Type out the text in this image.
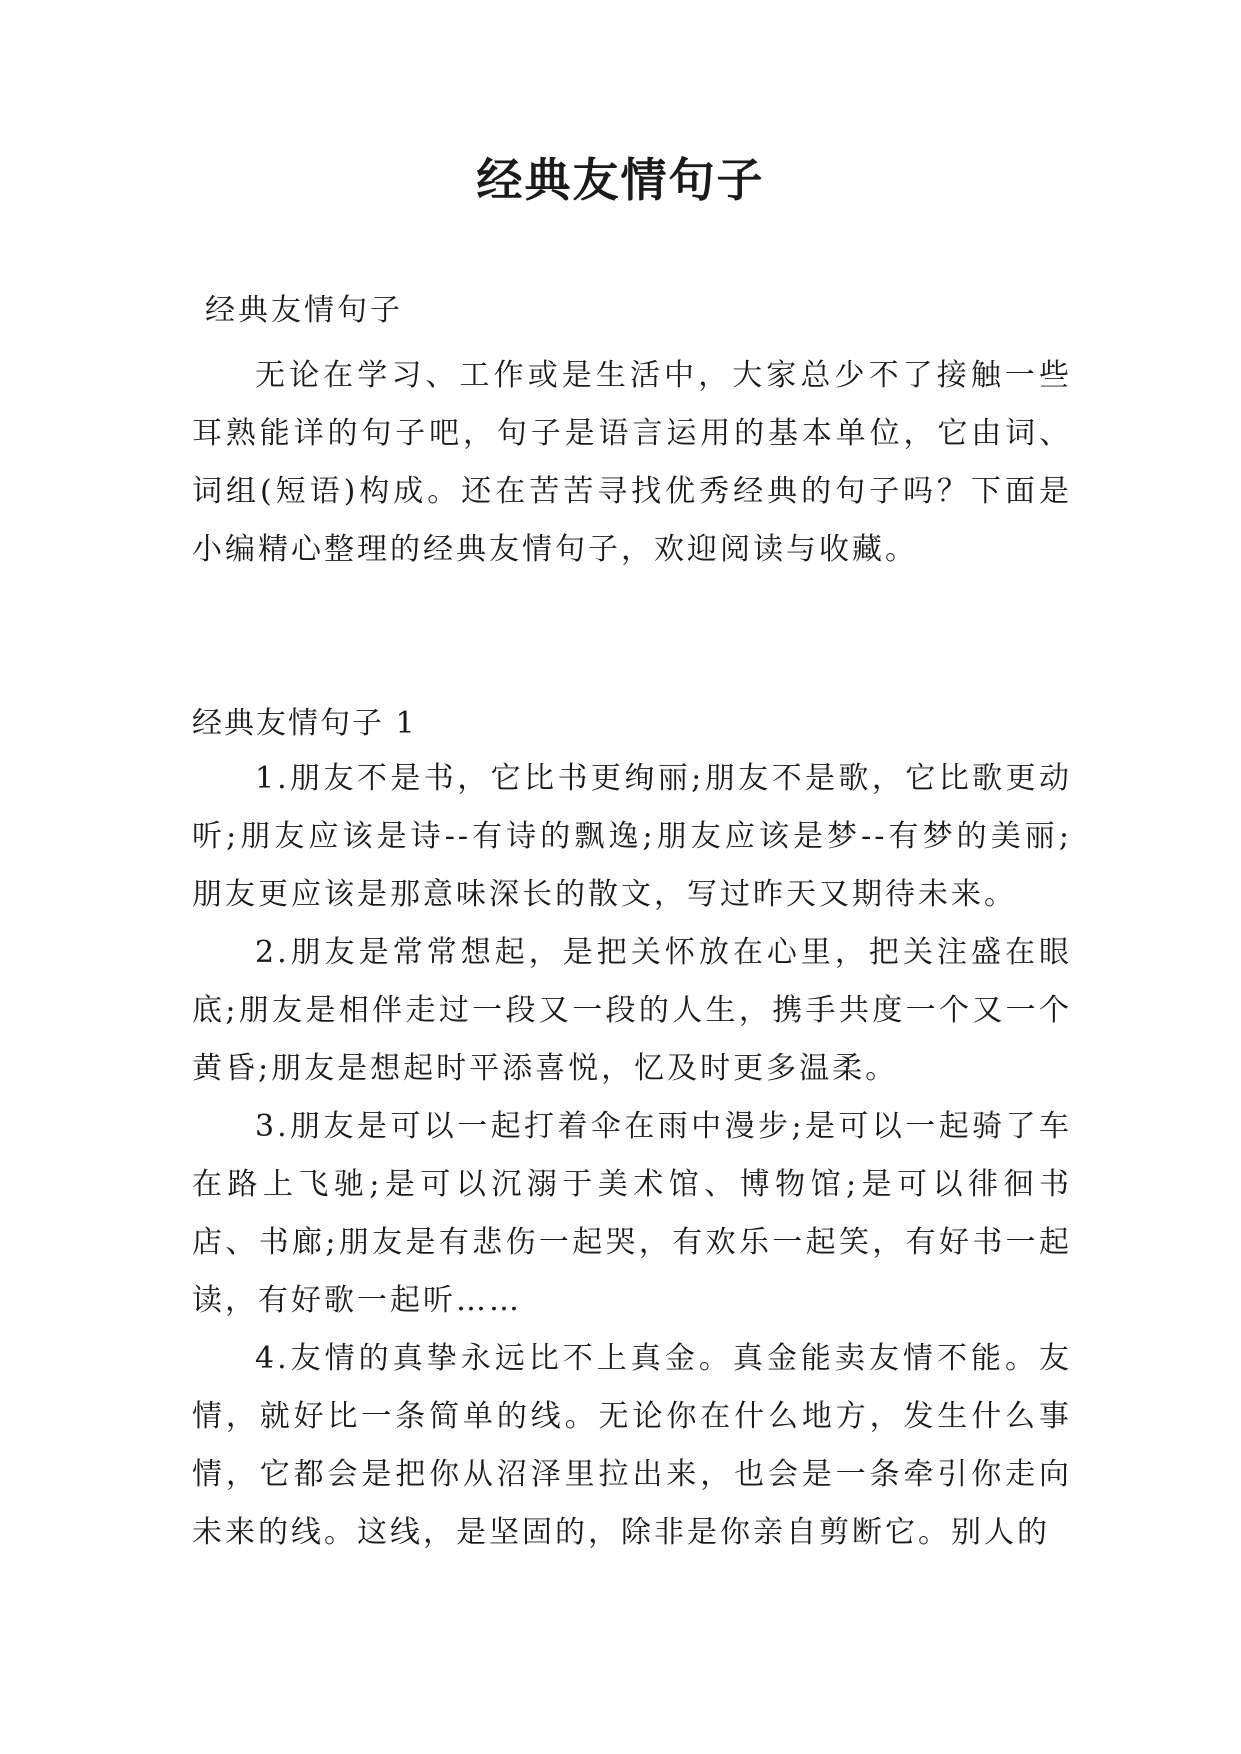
经典友情句子
经典友情句子

无论在学习、工作或是生活中，大家总少不了接触一些耳熟能详的句子吧，句子是语言运用的基本单位，它由词、词组(短语)构成。还在苦苦寻找优秀经典的句子吗？下面是小编精心整理的经典友情句子，欢迎阅读与收藏。

经典友情句子 1

1.朋友不是书，它比书更绚丽;朋友不是歌，它比歌更动听;朋友应该是诗--有诗的飘逸;朋友应该是梦--有梦的美丽;朋友更应该是那意味深长的散文，写过昨天又期待未来。

2.朋友是常常想起，是把关怀放在心里，把关注盛在眼底;朋友是相伴走过一段又一段的人生，携手共度一个又一个黄昏;朋友是想起时平添喜悦，忆及时更多温柔。

3.朋友是可以一起打着伞在雨中漫步;是可以一起骑了车在路上飞驰;是可以沉溺于美术馆、博物馆;是可以徘徊书店、书廊;朋友是有悲伤一起哭，有欢乐一起笑，有好书一起读，有好歌一起听……

4.友情的真挚永远比不上真金。真金能卖友情不能。友情，就好比一条简单的线。无论你在什么地方，发生什么事情，它都会是把你从沼泽里拉出来，也会是一条牵引你走向未来的线。这线，是坚固的，除非是你亲自剪断它。别人的
